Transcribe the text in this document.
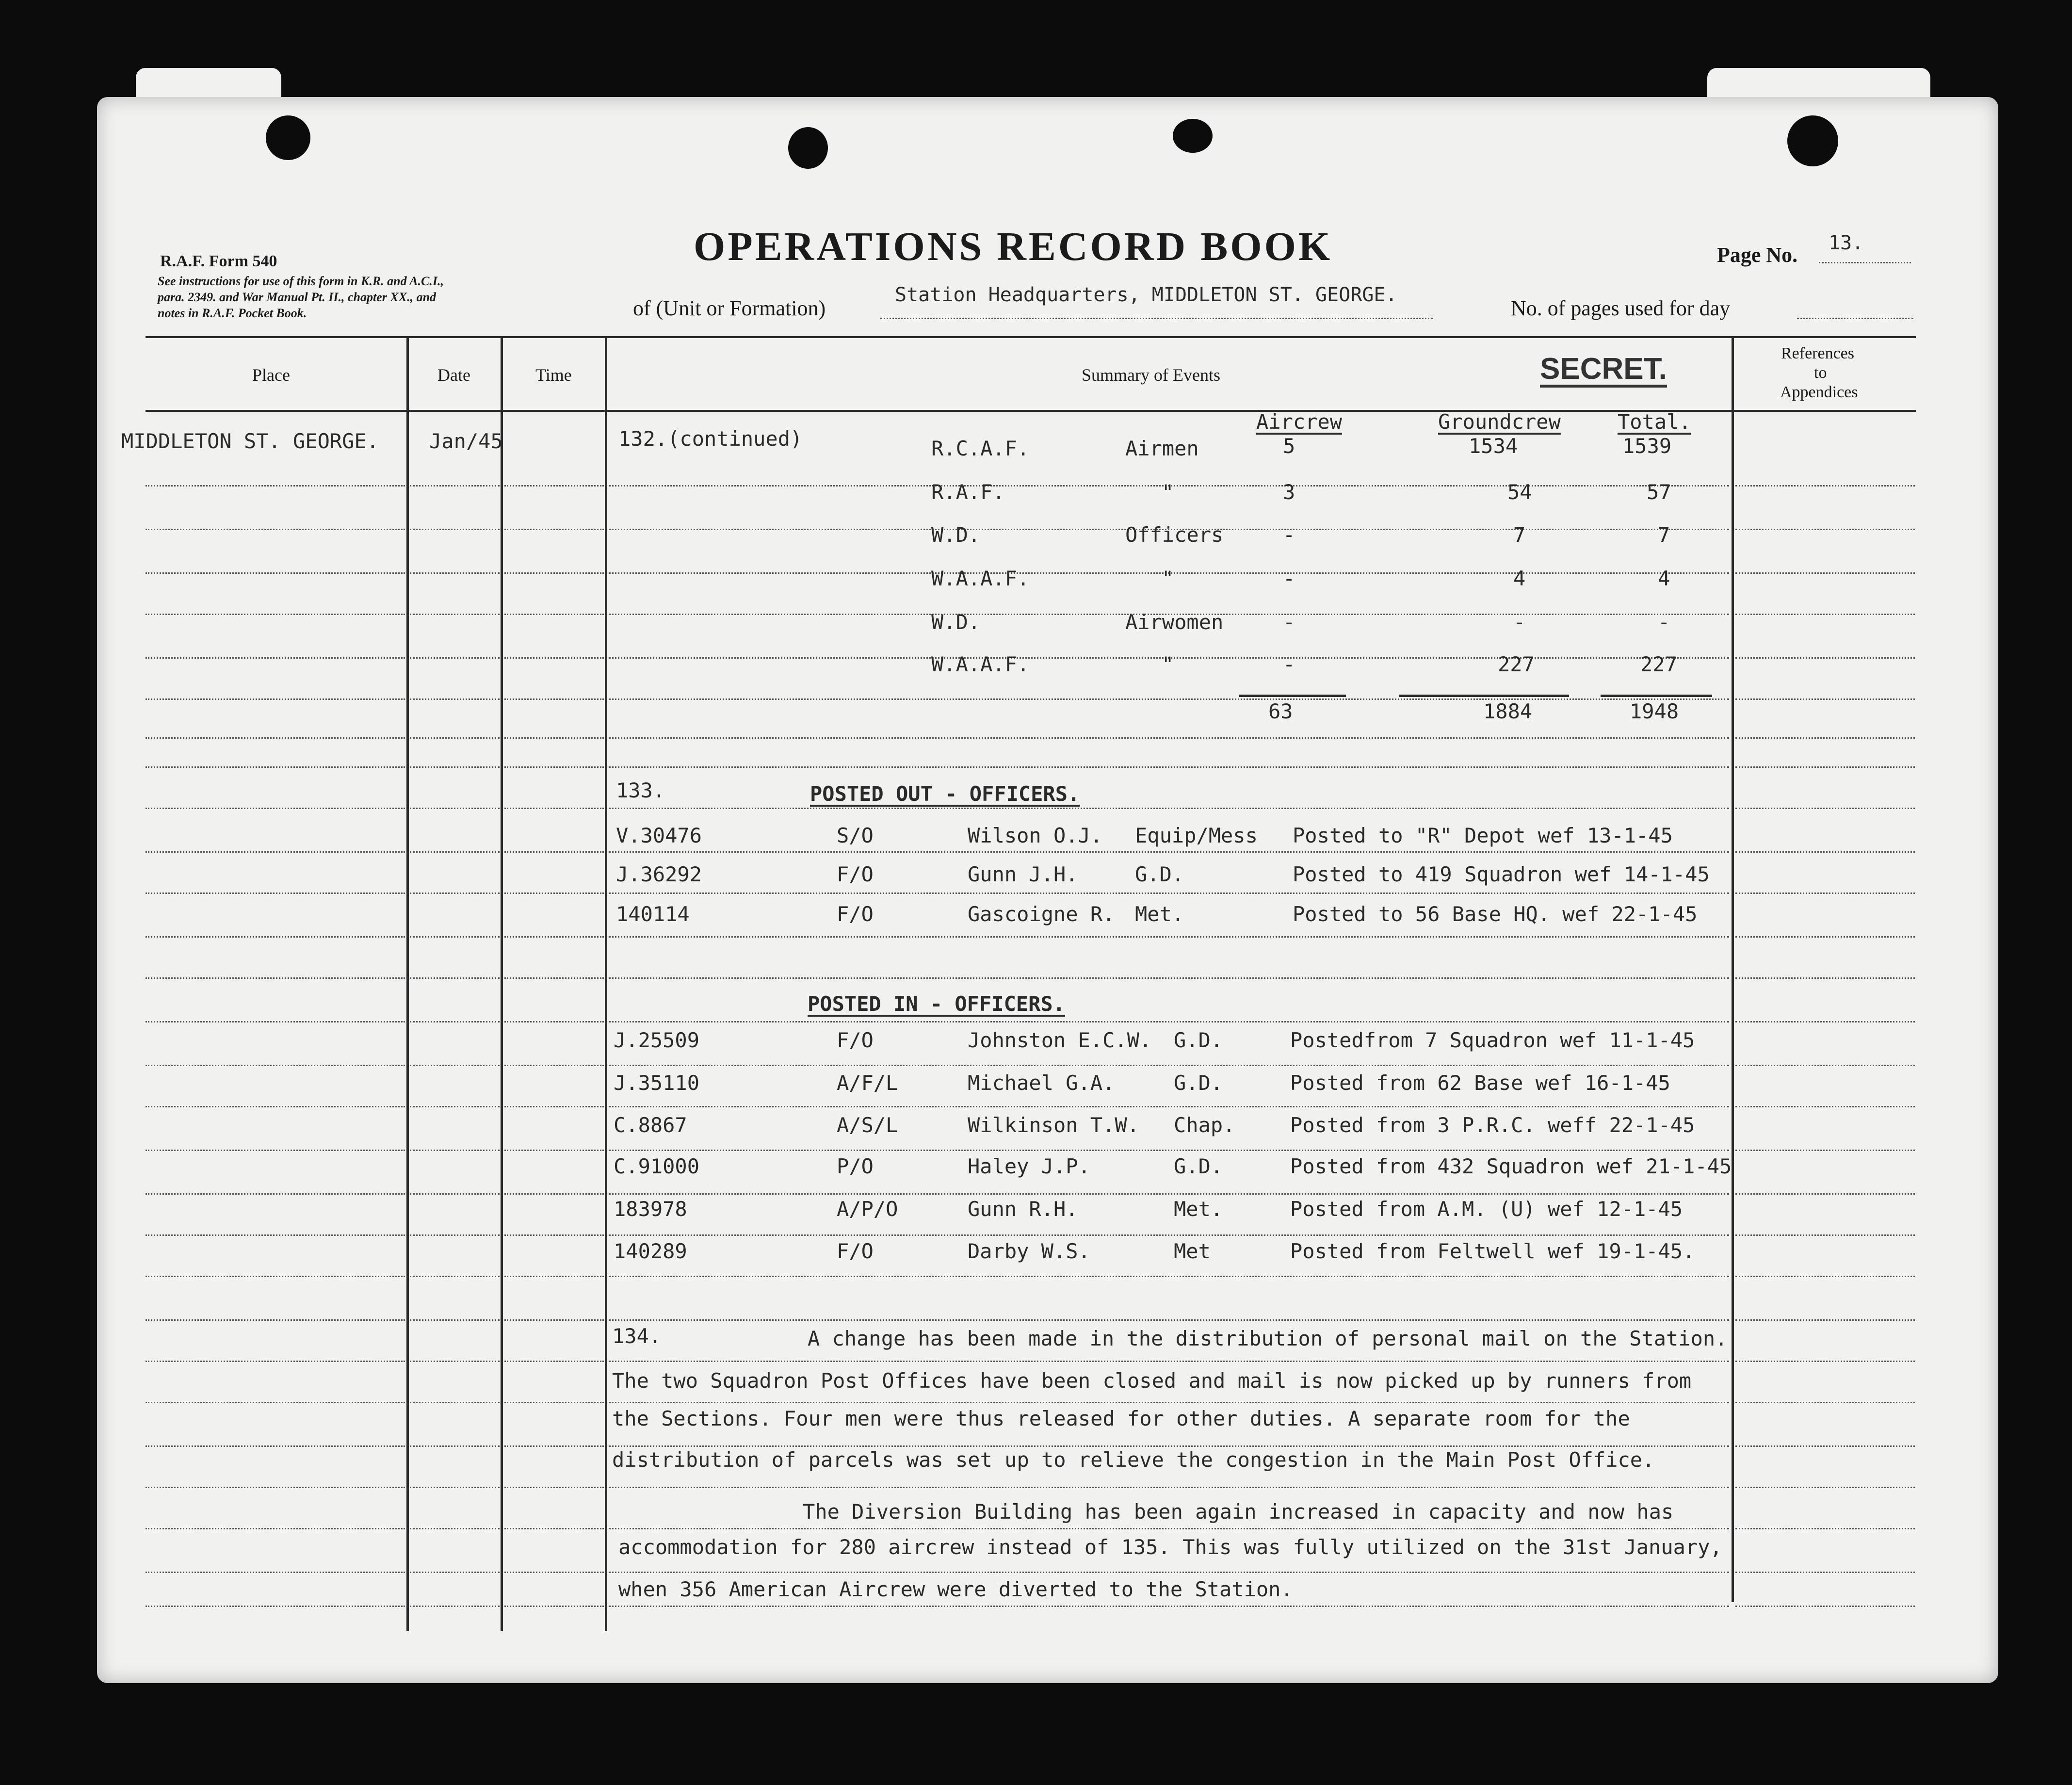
R.A.F. Form 540
See instructions for use of this form in K.R. and A.C.I.,
para. 2349. and War Manual Pt. II., chapter XX., and
notes in R.A.F. Pocket Book.
OPERATIONS RECORD BOOK	Page No. 13.
of (Unit or Formation)
Station Headquarters, MIDDLETON ST. GEORGE.
No. of pages used for day
Place	Date	Time	Summary of Events	SECRET.	References
to
Appendices
MIDDLETON ST. GEORGE. Jan/45	132.(continued)
Aircrew	Groundcrew	Total.
R.C.A.F.	Airmen	5	1534	1539
R.A.F.	"	3	54	57
W.D.	Officers	-	7	7
W.A.A.F.	"	-	4	4
W.D.	Airwomen	-	-	-
W.A.A.F.	"	-	227	227
63	1884	1948
133.	POSTED OUT - OFFICERS.
V.30476	S/O	Wilson O.J. Equip/Mess Posted to "R" Depot wef 13-1-45
J.36292	F/O	Gunn J.H.	G.D.	Posted to 419 Squadron wef 14-1-45
140114	F/O	Gascoigne R. Met.	Posted to 56 Base HQ. wef 22-1-45
POSTED IN - OFFICERS.
J.25509	F/O	Johnston E.C.W. G.D.	Postedfrom 7 Squadron wef 11-1-45
J.35110	A/F/L	Michael G.A.	G.D.	Posted from 62 Base wef 16-1-45
C.8867	A/S/L	Wilkinson T.W. Chap.	Posted from 3 P.R.C. weff 22-1-45
C.91000	P/O	Haley J.P.	G.D.	Posted from 432 Squadron wef 21-1-45
183978	A/P/O	Gunn R.H.	Met.	Posted from A.M. (U) wef 12-1-45
140289	F/O	Darby W.S.	Met	Posted from Feltwell wef 19-1-45.
134.	A change has been made in the distribution of personal mail on the Station.
The two Squadron Post Offices have been closed and mail is now picked up by runners from
the Sections. Four men were thus released for other duties. A separate room for the
distribution of parcels was set up to relieve the congestion in the Main Post Office.
The Diversion Building has been again increased in capacity and now has
accommodation for 280 aircrew instead of 135. This was fully utilized on the 31st January,
when 356 American Aircrew were diverted to the Station.
